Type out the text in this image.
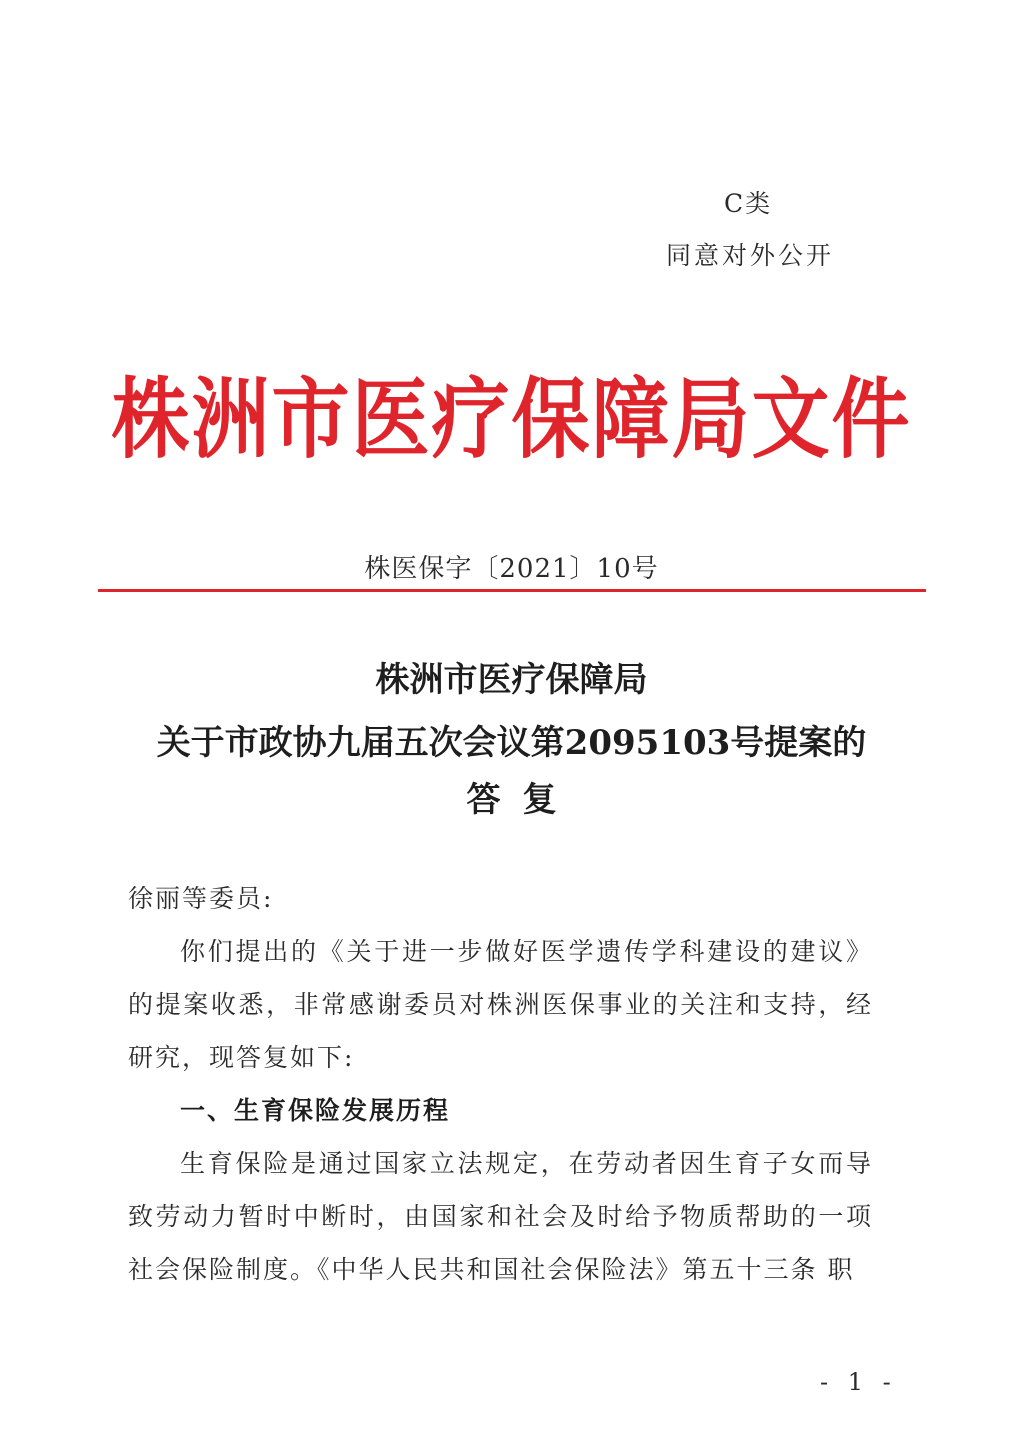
C类
同意对外公开
株洲市医疗保障局文件
株医保字〔2021〕10号
株洲市医疗保障局
关于市政协九届五次会议第2095103号提案的
答复

徐丽等委员:

你们提出的《关于进一步做好医学遗传学科建设的建议》的提案收悉，非常感谢委员对株洲医保事业的关注和支持，经研究，现答复如下:

一、生育保险发展历程

生育保险是通过国家立法规定，在劳动者因生育子女而导致劳动力暂时中断时，由国家和社会及时给予物质帮助的一项社会保险制度。《中华人民共和国社会保险法》第五十三条 职

- 1 -
